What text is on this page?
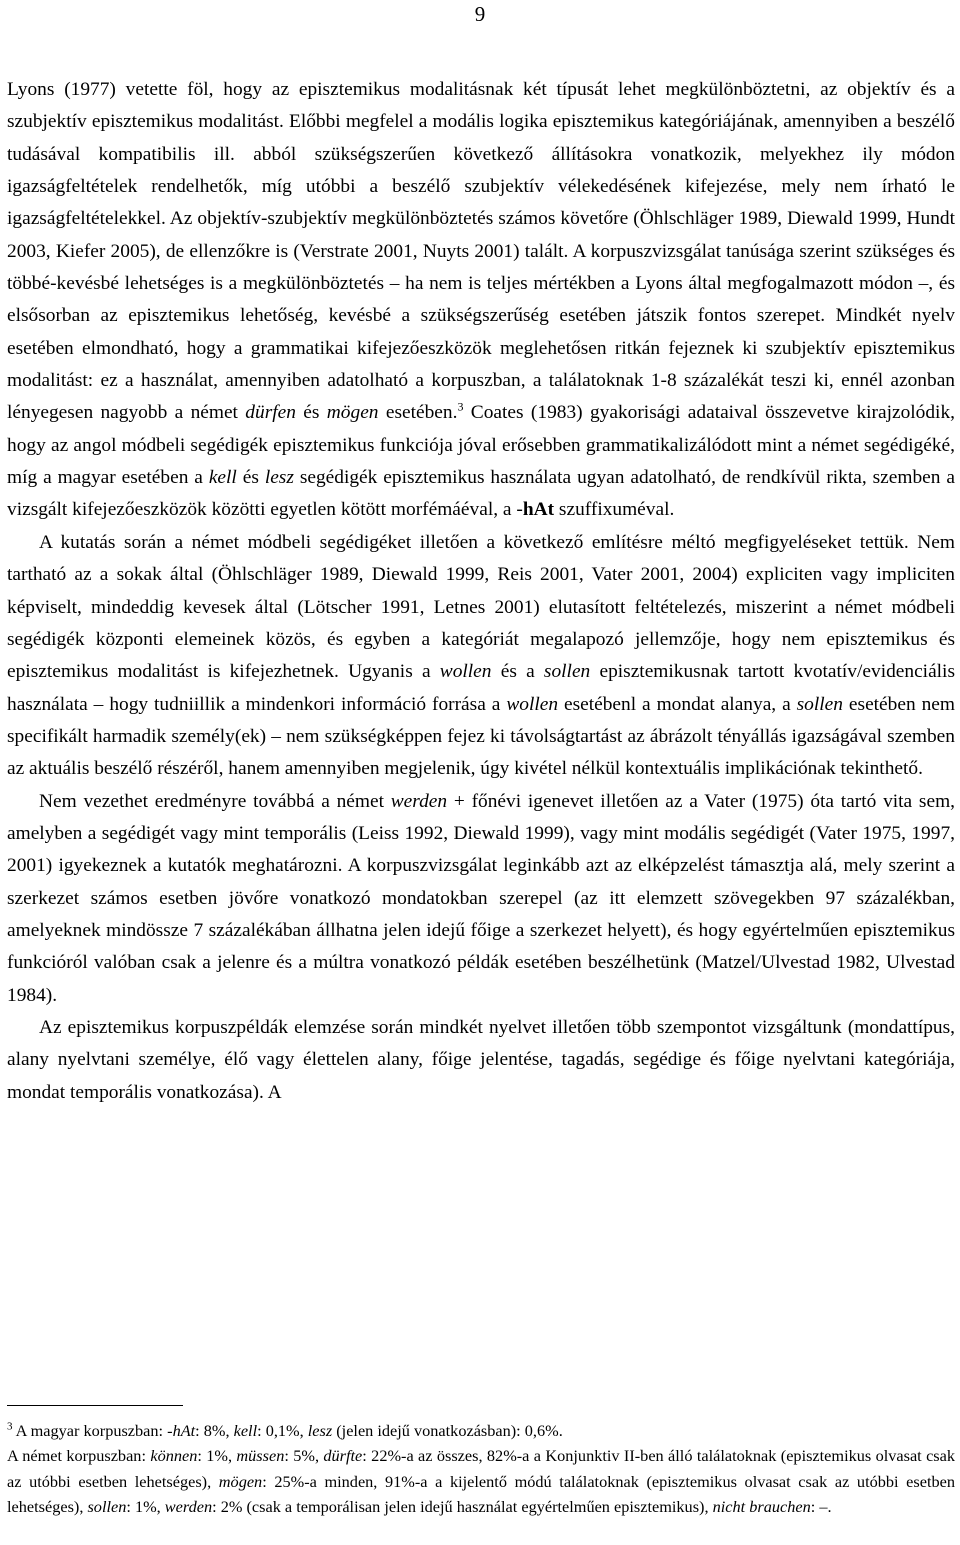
9

Lyons (1977) vetette föl, hogy az episztemikus modalitásnak két típusát lehet megkülönböztetni, az objektív és a szubjektív episztemikus modalitást. Előbbi megfelel a modális logika episztemikus kategóriájának, amennyiben a beszélő tudásával kompatibilis ill. abból szükségszerűen következő állításokra vonatkozik, melyekhez ily módon igazságfeltételek rendelhetők, míg utóbbi a beszélő szubjektív vélekedésének kifejezése, mely nem írható le igazságfeltételekkel. Az objektív-szubjektív megkülönböztetés számos követőre (Öhlschläger 1989, Diewald 1999, Hundt 2003, Kiefer 2005), de ellenzőkre is (Verstrate 2001, Nuyts 2001) talált. A korpuszvizsgálat tanúsága szerint szükséges és többé-kevésbé lehetséges is a megkülönböztetés – ha nem is teljes mértékben a Lyons által megfogalmazott módon –, és elsősorban az episztemikus lehetőség, kevésbé a szükségszerűség esetében játszik fontos szerepet. Mindkét nyelv esetében elmondható, hogy a grammatikai kifejezőeszközök meglehetősen ritkán fejeznek ki szubjektív episztemikus modalitást: ez a használat, amennyiben adatolható a korpuszban, a találatoknak 1-8 százalékát teszi ki, ennél azonban lényegesen nagyobb a német dürfen és mögen esetében.$^3$ Coates (1983) gyakorisági adataival összevetve kirajzolódik, hogy az angol módbeli segédigék episztemikus funkciója jóval erősebben grammatikalizálódott mint a német segédigéké, míg a magyar esetében a kell és lesz segédigék episztemikus használata ugyan adatolható, de rendkívül rikta, szemben a vizsgált kifejezőeszközök közötti egyetlen kötött morfémáéval, a -hAt szuffixuméval.

A kutatás során a német módbeli segédigéket illetően a következő említésre méltó megfigyeléseket tettük. Nem tartható az a sokak által (Öhlschläger 1989, Diewald 1999, Reis 2001, Vater 2001, 2004) expliciten vagy impliciten képviselt, mindeddig kevesek által (Lötscher 1991, Letnes 2001) elutasított feltételezés, miszerint a német módbeli segédigék központi elemeinek közös, és egyben a kategóriát megalapozó jellemzője, hogy nem episztemikus és episztemikus modalitást is kifejezhetnek. Ugyanis a wollen és a sollen episztemikusnak tartott kvotatív/evidenciális használata – hogy tudniillik a mindenkori információ forrása a wollen esetébenl a mondat alanya, a sollen esetében nem specifikált harmadik személy(ek) – nem szükségképpen fejez ki távolságtartást az ábrázolt tényállás igazságával szemben az aktuális beszélő részéről, hanem amennyiben megjelenik, úgy kivétel nélkül kontextuális implikációnak tekinthető.

Nem vezethet eredményre továbbá a német werden + főnévi igenevet illetően az a Vater (1975) óta tartó vita sem, amelyben a segédigét vagy mint temporális (Leiss 1992, Diewald 1999), vagy mint modális segédigét (Vater 1975, 1997, 2001) igyekeznek a kutatók meghatározni. A korpuszvizsgálat leginkább azt az elképzelést támasztja alá, mely szerint a szerkezet számos esetben jövőre vonatkozó mondatokban szerepel (az itt elemzett szövegekben 97 százalékban, amelyeknek mindössze 7 százalékában állhatna jelen idejű főige a szerkezet helyett), és hogy egyértelműen episztemikus funkcióról valóban csak a jelenre és a múltra vonatkozó példák esetében beszélhetünk (Matzel/Ulvestad 1982, Ulvestad 1984).

Az episztemikus korpuszpéldák elemzése során mindkét nyelvet illetően több szempontot vizsgáltunk (mondattípus, alany nyelvtani személye, élő vagy élettelen alany, főige jelentése, tagadás, segédige és főige nyelvtani kategóriája, mondat temporális vonatkozása). A

$^3$ A magyar korpuszban: -hAt: 8%, kell: 0,1%, lesz (jelen idejű vonatkozásban): 0,6%.

A német korpuszban: können: 1%, müssen: 5%, dürfte: 22%-a az összes, 82%-a a Konjunktiv II-ben álló találatoknak (episztemikus olvasat csak az utóbbi esetben lehetséges), mögen: 25%-a minden, 91%-a a kijelentő módú találatoknak (episztemikus olvasat csak az utóbbi esetben lehetséges), sollen: 1%, werden: 2% (csak a temporálisan jelen idejű használat egyértelműen episztemikus), nicht brauchen: –.
